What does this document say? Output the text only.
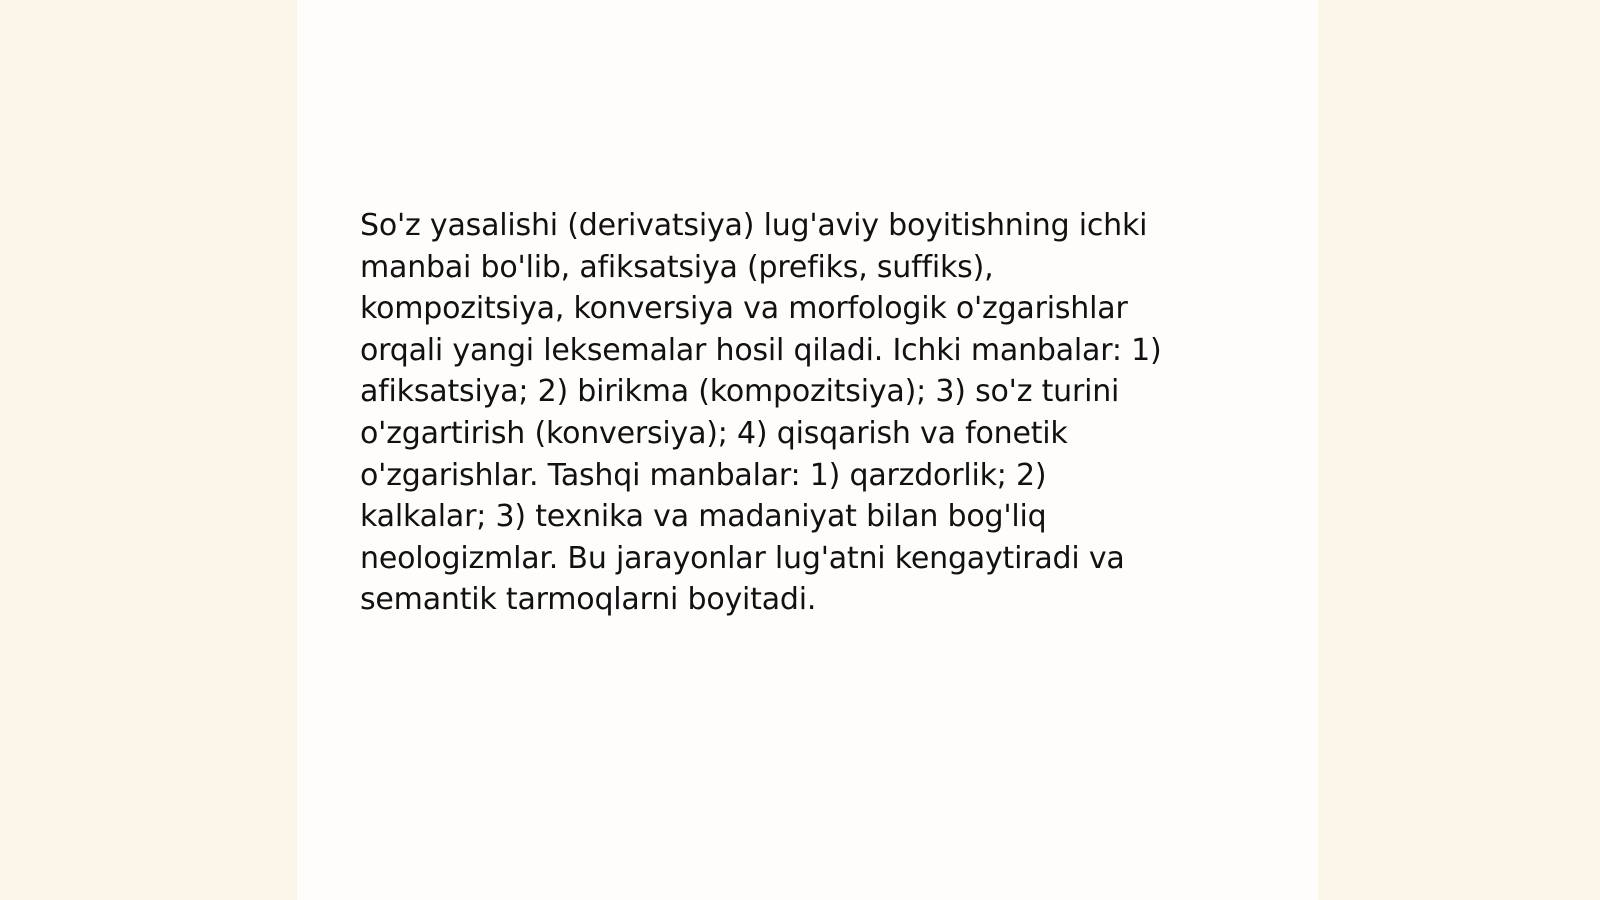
So'z yasalishi (derivatsiya) lug'aviy boyitishning ichki
manbai bo'lib, afiksatsiya (prefiks, suffiks),
kompozitsiya, konversiya va morfologik o'zgarishlar
orqali yangi leksemalar hosil qiladi. Ichki manbalar: 1)
afiksatsiya; 2) birikma (kompozitsiya); 3) so'z turini
o'zgartirish (konversiya); 4) qisqarish va fonetik
o'zgarishlar. Tashqi manbalar: 1) qarzdorlik; 2)
kalkalar; 3) texnika va madaniyat bilan bog'liq
neologizmlar. Bu jarayonlar lug'atni kengaytiradi va
semantik tarmoqlarni boyitadi.
